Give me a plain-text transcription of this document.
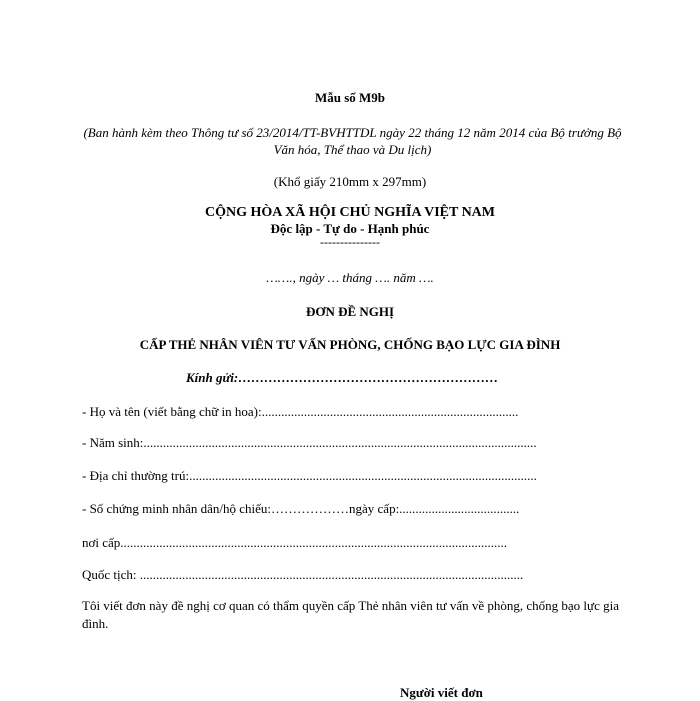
Mẫu số M9b
(Ban hành kèm theo Thông tư số 23/2014/TT-BVHTTDL ngày 22 tháng 12 năm 2014 của Bộ trưởng Bộ Văn hóa, Thể thao và Du lịch)
(Khổ giấy 210mm x 297mm)
CỘNG HÒA XÃ HỘI CHỦ NGHĨA VIỆT NAM
Độc lập - Tự do - Hạnh phúc
---------------
……., ngày … tháng …. năm ….
ĐƠN ĐỀ NGHỊ
CẤP THẺ NHÂN VIÊN TƯ VẤN PHÒNG, CHỐNG BẠO LỰC GIA ĐÌNH
Kính gửi:……………………………………………………
- Họ và tên (viết bằng chữ in hoa):...............................................................................
- Năm sinh:.........................................................................................................................
- Địa chỉ thường trú:...........................................................................................................
- Số chứng minh nhân dân/hộ chiếu:………………ngày cấp:.....................................
nơi cấp.......................................................................................................................
Quốc tịch: ......................................................................................................................
Tôi viết đơn này đề nghị cơ quan có thẩm quyền cấp Thẻ nhân viên tư vấn về phòng, chống bạo lực gia đình.
Người viết đơn
